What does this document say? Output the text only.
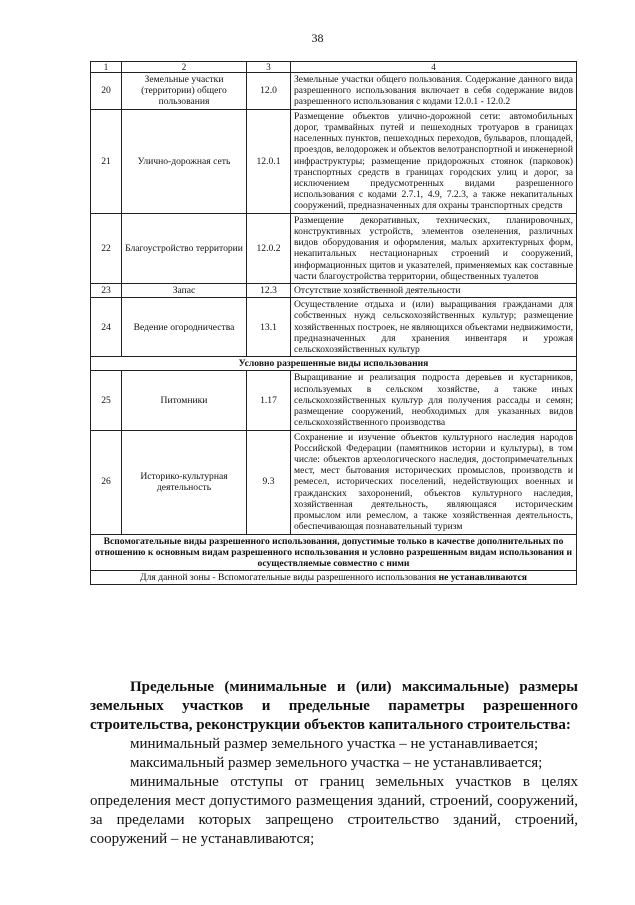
38
1	2	3	4
20	Земельные участки (территории) общего пользования	12.0	Земельные участки общего пользования. Содержание данного вида разрешенного использования включает в себя содержание видов разрешенного использования с кодами 12.0.1 - 12.0.2
21	Улично-дорожная сеть	12.0.1	Размещение объектов улично-дорожной сети: автомобильных дорог, трамвайных путей и пешеходных тротуаров в границах населенных пунктов, пешеходных переходов, бульваров, площадей, проездов, велодорожек и объектов велотранспортной и инженерной инфраструктуры; размещение придорожных стоянок (парковок) транспортных средств в границах городских улиц и дорог, за исключением предусмотренных видами разрешенного использования с кодами 2.7.1, 4.9, 7.2.3, а также некапитальных сооружений, предназначенных для охраны транспортных средств
22	Благоустройство территории	12.0.2	Размещение декоративных, технических, планировочных, конструктивных устройств, элементов озеленения, различных видов оборудования и оформления, малых архитектурных форм, некапитальных нестационарных строений и сооружений, информационных щитов и указателей, применяемых как составные части благоустройства территории, общественных туалетов
23	Запас	12.3	Отсутствие хозяйственной деятельности
24	Ведение огородничества	13.1	Осуществление отдыха и (или) выращивания гражданами для собственных нужд сельскохозяйственных культур; размещение хозяйственных построек, не являющихся объектами недвижимости, предназначенных для хранения инвентаря и урожая сельскохозяйственных культур
Условно разрешенные виды использования			
25	Питомники	1.17	Выращивание и реализация подроста деревьев и кустарников, используемых в сельском хозяйстве, а также иных сельскохозяйственных культур для получения рассады и семян; размещение сооружений, необходимых для указанных видов сельскохозяйственного производства
26	Историко-культурная деятельность	9.3	Сохранение и изучение объектов культурного наследия народов Российской Федерации (памятников истории и культуры), в том числе: объектов археологического наследия, достопримечательных мест, мест бытования исторических промыслов, производств и ремесел, исторических поселений, недействующих военных и гражданских захоронений, объектов культурного наследия, хозяйственная деятельность, являющаяся историческим промыслом или ремеслом, а также хозяйственная деятельность, обеспечивающая познавательный туризм
Вспомогательные виды разрешенного использования, допустимые только в качестве дополнительных по отношению к основным видам разрешенного использования и условно разрешенным видам использования и осуществляемые совместно с ними			
Для данной зоны - Вспомогательные виды разрешенного использования не устанавливаются			

Предельные (минимальные и (или) максимальные) размеры земельных участков и предельные параметры разрешенного строительства, реконструкции объектов капитального строительства:

минимальный размер земельного участка – не устанавливается;

максимальный размер земельного участка – не устанавливается;

минимальные отступы от границ земельных участков в целях определения мест допустимого размещения зданий, строений, сооружений, за пределами которых запрещено строительство зданий, строений, сооружений – не устанавливаются;
